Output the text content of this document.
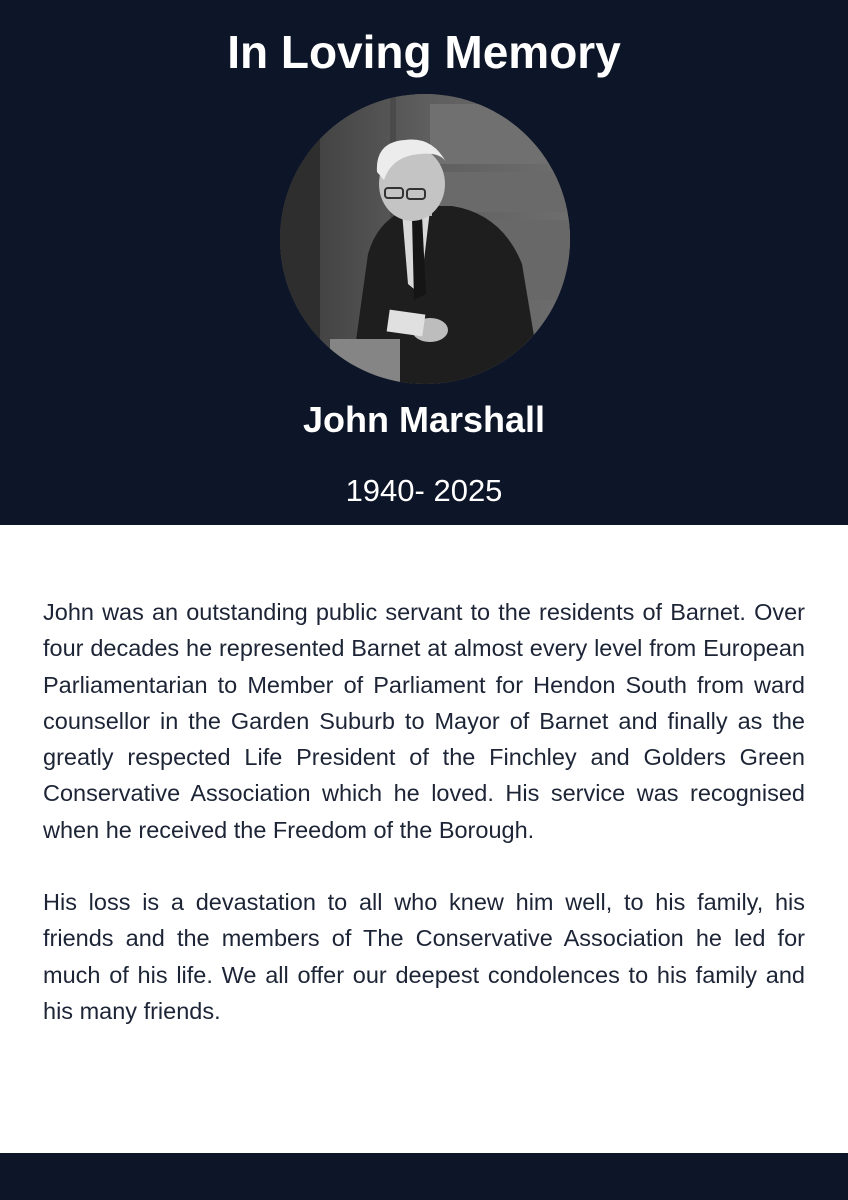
In Loving Memory
John Marshall
1940- 2025

John was an outstanding public servant to the residents of Barnet. Over four decades he represented Barnet at almost every level from European Parliamentarian to Member of Parliament for Hendon South from ward counsellor in the Garden Suburb to Mayor of Barnet and finally as the greatly respected Life President of the Finchley and Golders Green Conservative Association which he loved. His service was recognised when he received the Freedom of the Borough.

His loss is a devastation to all who knew him well, to his family, his friends and the members of The Conservative Association he led for much of his life. We all offer our deepest condolences to his family and his many friends.
